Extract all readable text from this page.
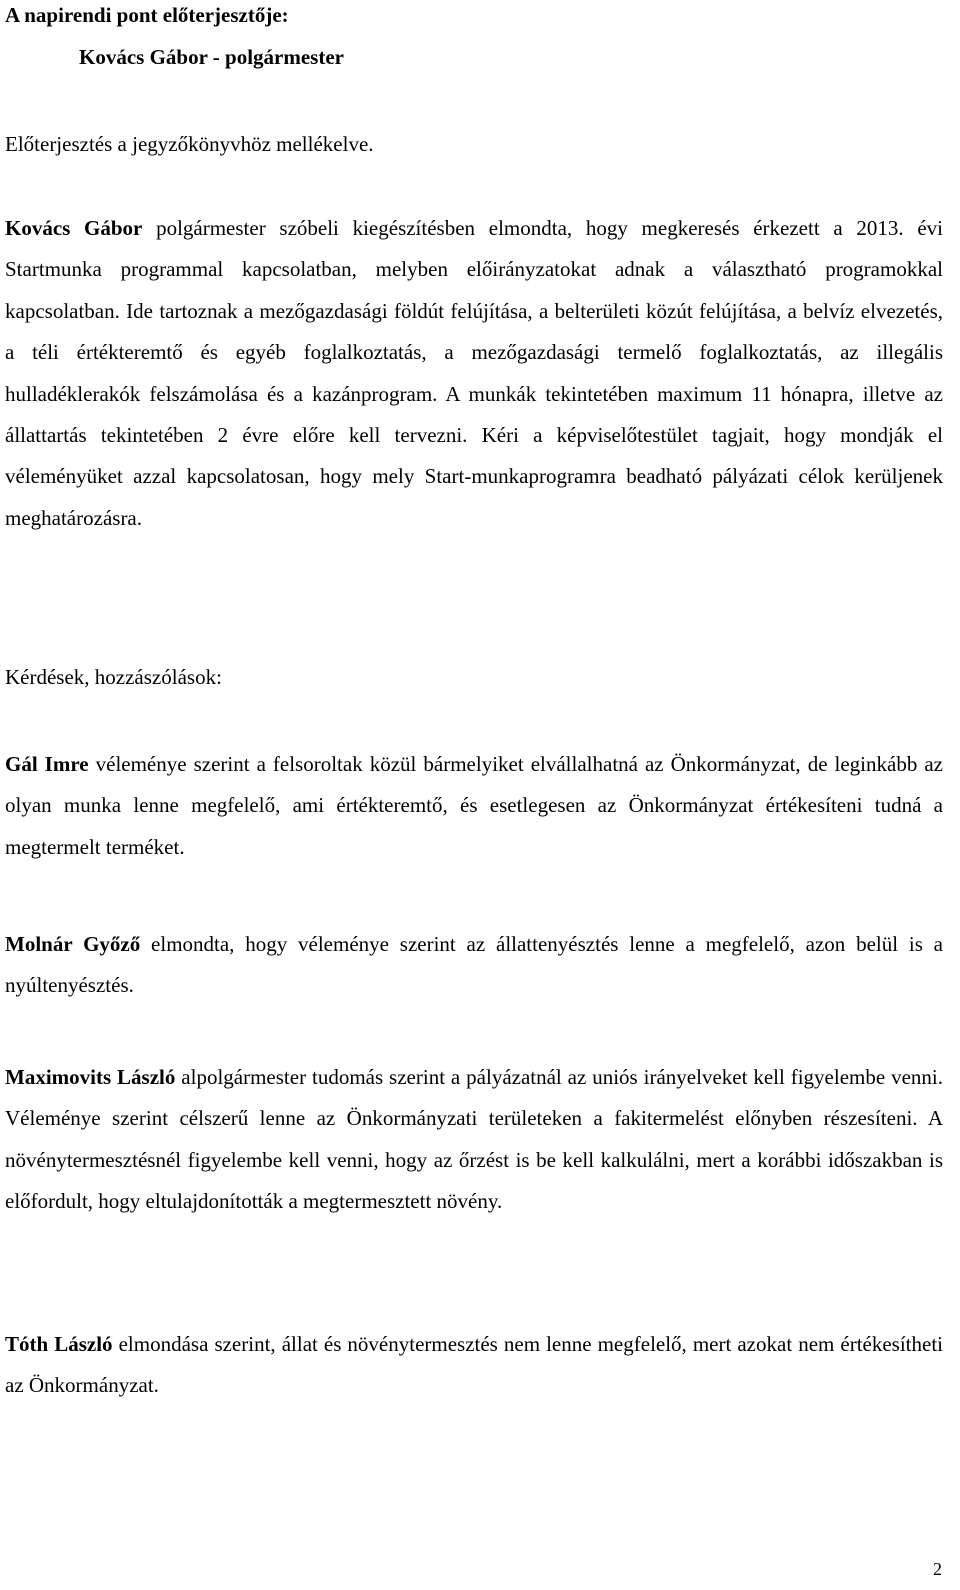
A napirendi pont előterjesztője:
Kovács Gábor - polgármester
Előterjesztés a jegyzőkönyvhöz mellékelve.

Kovács Gábor polgármester szóbeli kiegészítésben elmondta, hogy megkeresés érkezett a 2013. évi Startmunka programmal kapcsolatban, melyben előirányzatokat adnak a választható programokkal kapcsolatban. Ide tartoznak a mezőgazdasági földút felújítása, a belterületi közút felújítása, a belvíz elvezetés, a téli értékteremtő és egyéb foglalkoztatás, a mezőgazdasági termelő foglalkoztatás, az illegális hulladéklerakók felszámolása és a kazánprogram. A munkák tekintetében maximum 11 hónapra, illetve az állattartás tekintetében 2 évre előre kell tervezni. Kéri a képviselőtestület tagjait, hogy mondják el véleményüket azzal kapcsolatosan, hogy mely Start-munkaprogramra beadható pályázati célok kerüljenek meghatározásra.

Kérdések, hozzászólások:

Gál Imre véleménye szerint a felsoroltak közül bármelyiket elvállalhatná az Önkormányzat, de leginkább az olyan munka lenne megfelelő, ami értékteremtő, és esetlegesen az Önkormányzat értékesíteni tudná a megtermelt terméket.

Molnár Győző elmondta, hogy véleménye szerint az állattenyésztés lenne a megfelelő, azon belül is a nyúltenyésztés.

Maximovits László alpolgármester tudomás szerint a pályázatnál az uniós irányelveket kell figyelembe venni. Véleménye szerint célszerű lenne az Önkormányzati területeken a fakitermelést előnyben részesíteni. A növénytermesztésnél figyelembe kell venni, hogy az őrzést is be kell kalkulálni, mert a korábbi időszakban is előfordult, hogy eltulajdonították a megtermesztett növény.

Tóth László elmondása szerint, állat és növénytermesztés nem lenne megfelelő, mert azokat nem értékesítheti az Önkormányzat.

2
